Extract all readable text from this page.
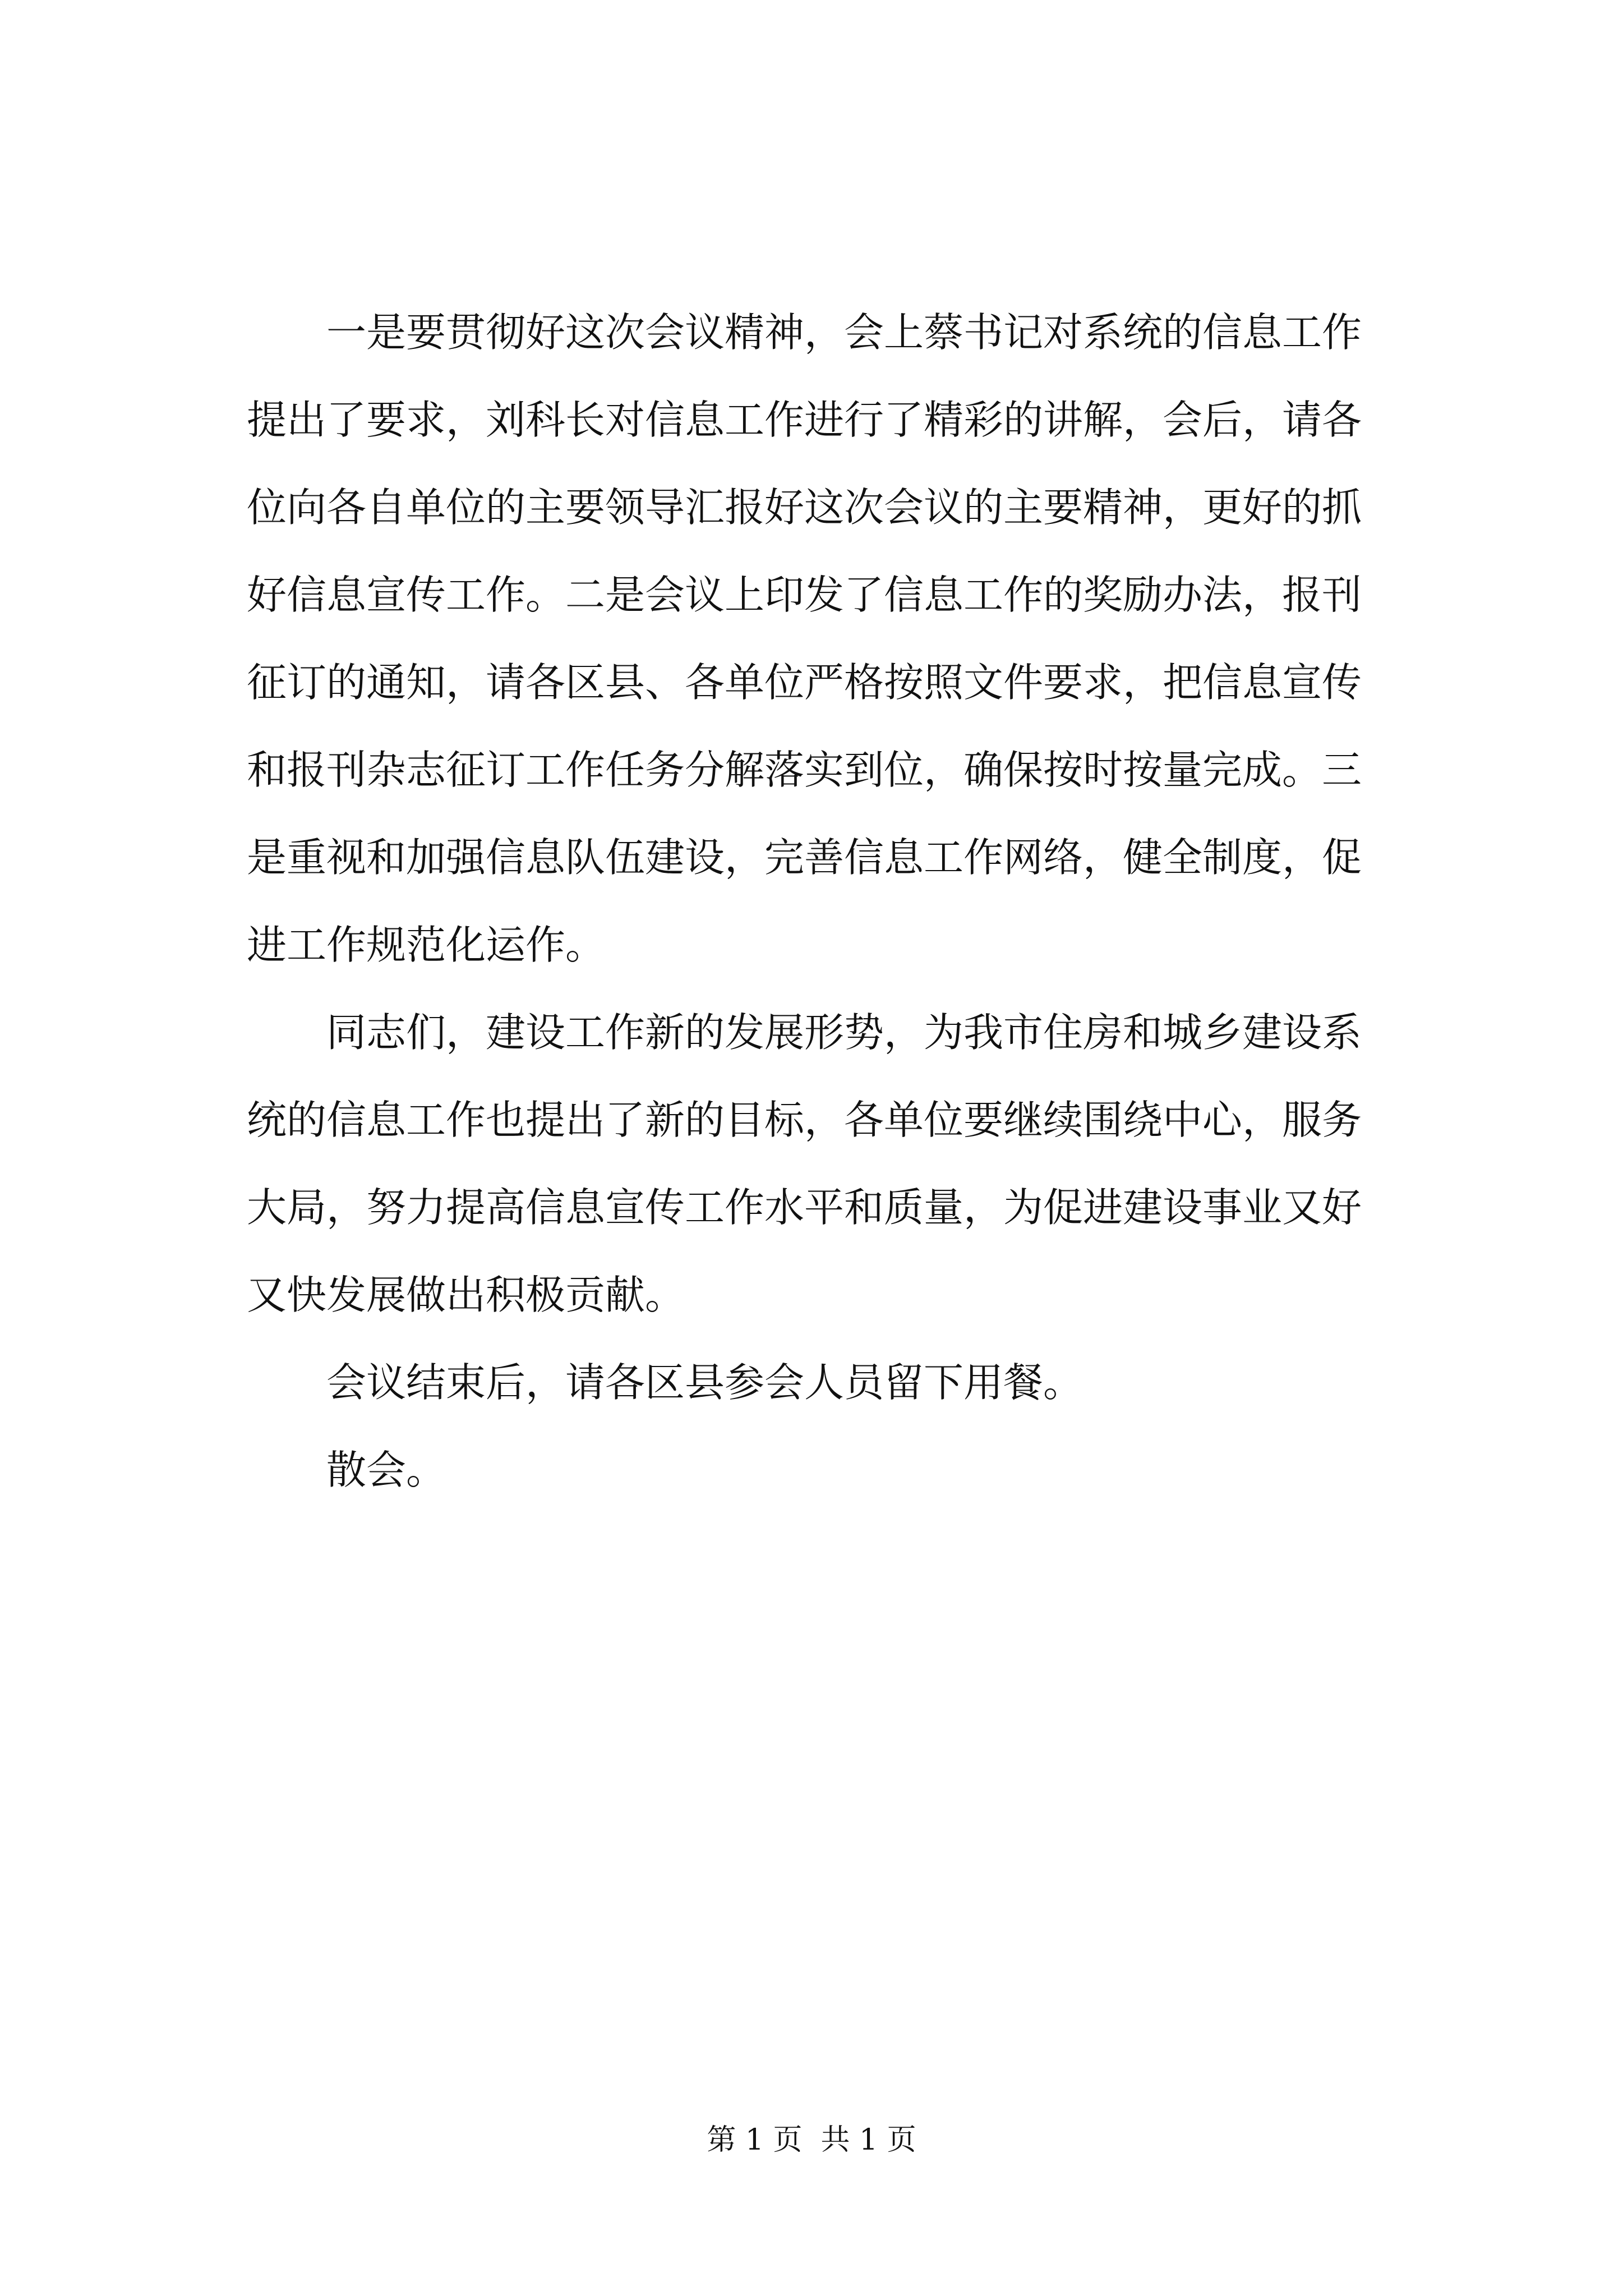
一是要贯彻好这次会议精神，会上蔡书记对系统的信息工作
提出了要求，刘科长对信息工作进行了精彩的讲解，会后，请各
位向各自单位的主要领导汇报好这次会议的主要精神，更好的抓
好信息宣传工作。二是会议上印发了信息工作的奖励办法，报刊
征订的通知，请各区县、各单位严格按照文件要求，把信息宣传
和报刊杂志征订工作任务分解落实到位，确保按时按量完成。三
是重视和加强信息队伍建设，完善信息工作网络，健全制度，促
进工作规范化运作。
同志们，建设工作新的发展形势，为我市住房和城乡建设系
统的信息工作也提出了新的目标，各单位要继续围绕中心，服务
大局，努力提高信息宣传工作水平和质量，为促进建设事业又好
又快发展做出积极贡献。
会议结束后，请各区县参会人员留下用餐。
散会。
第 1 页  共 1 页
